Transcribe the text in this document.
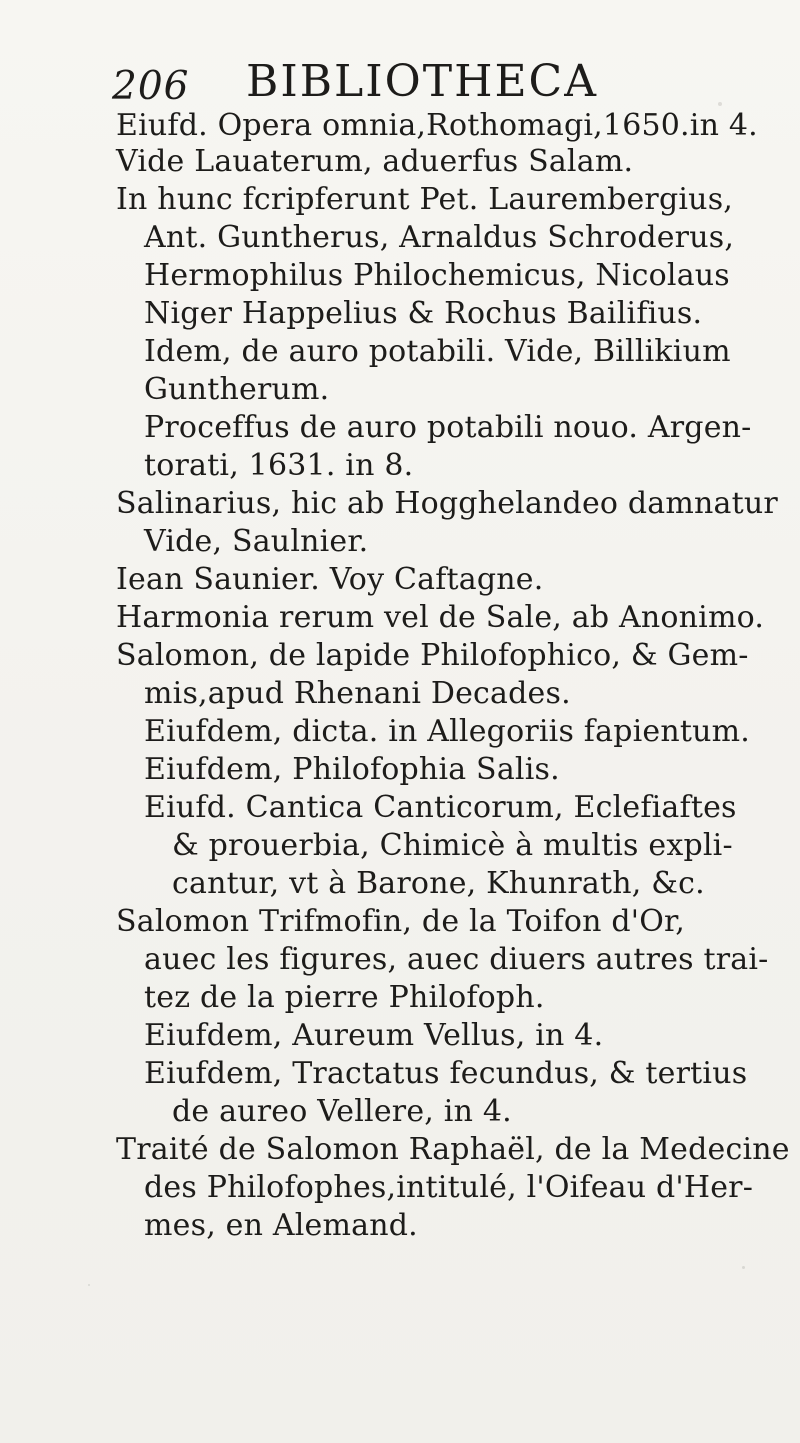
206 BIBLIOTHECA
Eiufd. Opera omnia,Rothomagi,1650.in 4.
Vide Lauaterum, aduerfus Salam.
In hunc fcripferunt Pet. Laurembergius,
Ant. Guntherus, Arnaldus Schroderus,
Hermophilus Philochemicus, Nicolaus
Niger Happelius & Rochus Bailifius.
Idem, de auro potabili. Vide, Billikium
Guntherum.
Proceffus de auro potabili nouo. Argen-
torati, 1631. in 8.
Salinarius, hic ab Hogghelandeo damnatur
Vide, Saulnier.
Iean Saunier. Voy Caftagne.
Harmonia rerum vel de Sale, ab Anonimo.
Salomon, de lapide Philofophico, & Gem-
mis,apud Rhenani Decades.
Eiufdem, dicta. in Allegoriis fapientum.
Eiufdem, Philofophia Salis.
Eiufd. Cantica Canticorum, Eclefiaftes
& prouerbia, Chimicè à multis expli-
cantur, vt à Barone, Khunrath, &c.
Salomon Trifmofin, de la Toifon d'Or,
auec les figures, auec diuers autres trai-
tez de la pierre Philofoph.
Eiufdem, Aureum Vellus, in 4.
Eiufdem, Tractatus fecundus, & tertius
de aureo Vellere, in 4.
Traité de Salomon Raphaël, de la Medecine
des Philofophes,intitulé, l'Oifeau d'Her-
mes, en Alemand.
